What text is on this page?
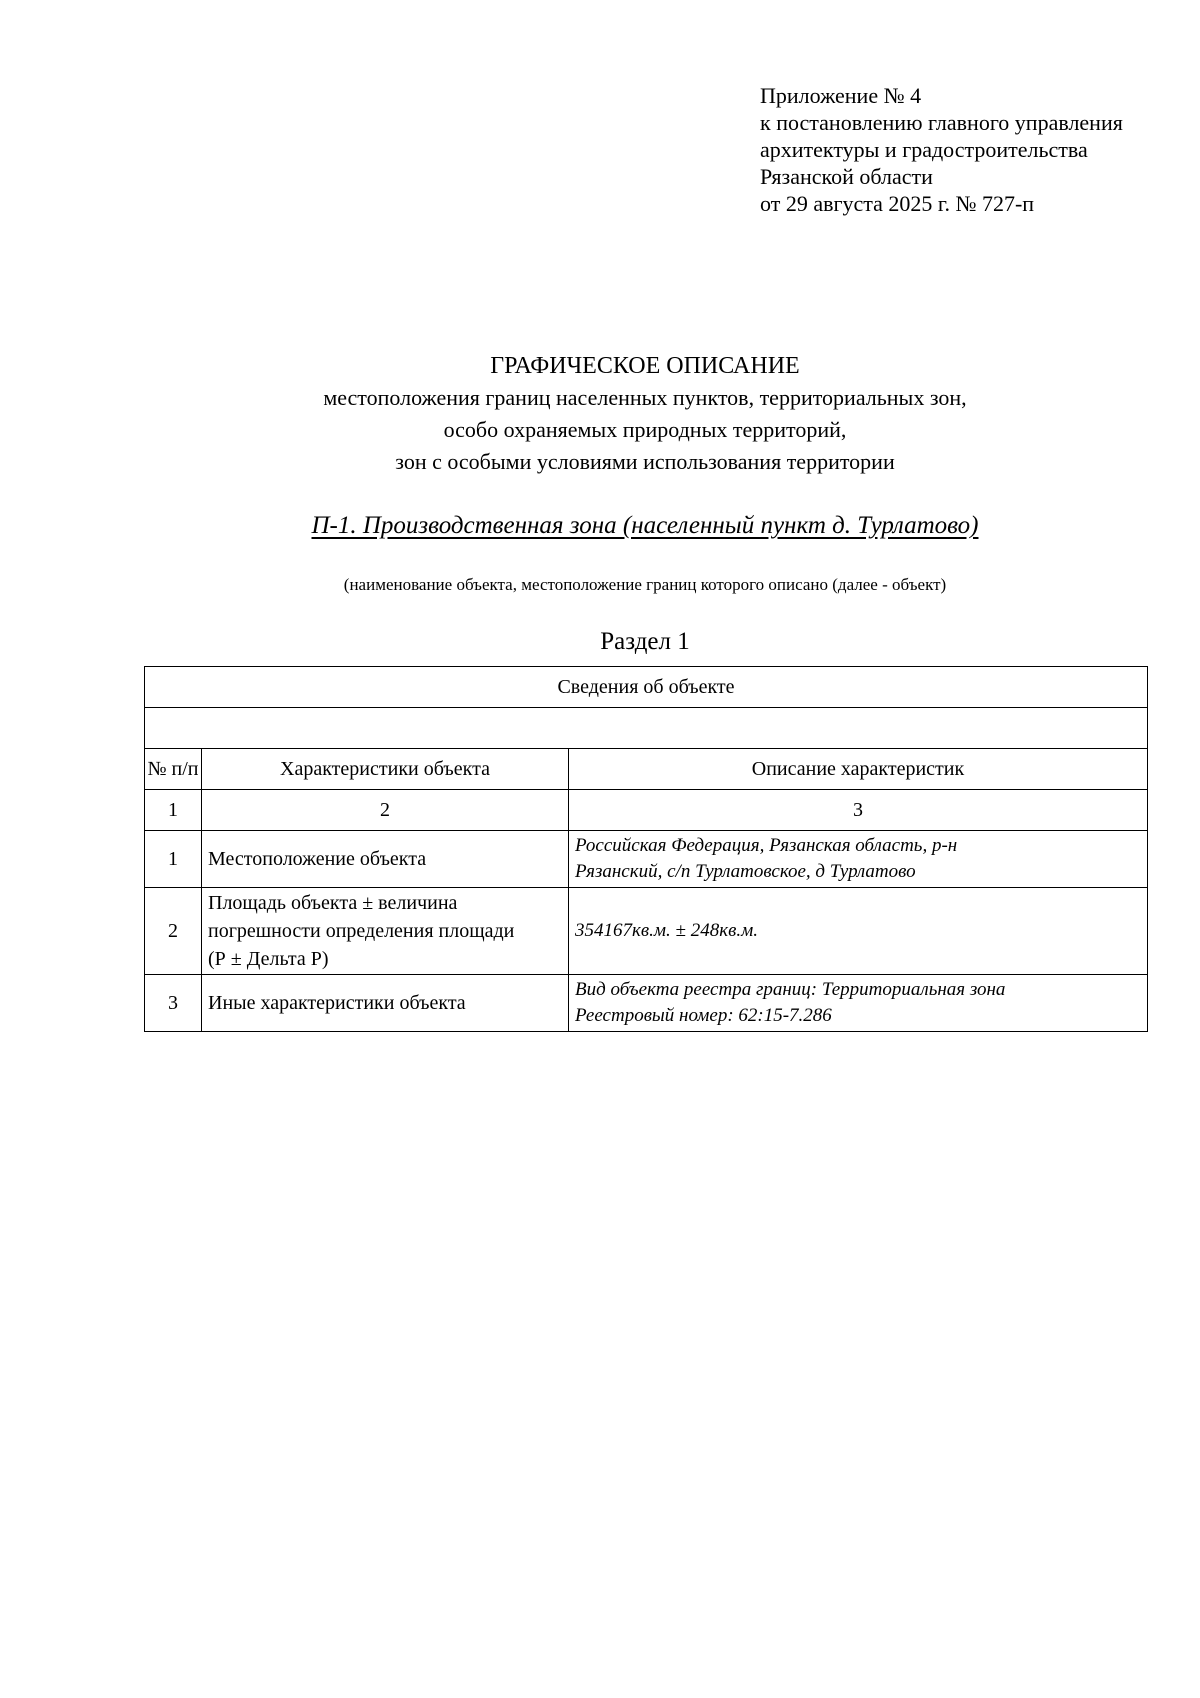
Приложение № 4
к постановлению главного управления
архитектуры и градостроительства
Рязанской области
от 29 августа 2025 г. № 727-п
ГРАФИЧЕСКОЕ ОПИСАНИЕ
местоположения границ населенных пунктов, территориальных зон,
особо охраняемых природных территорий,
зон с особыми условиями использования территории
П-1. Производственная зона (населенный пункт д. Турлатово)
(наименование объекта, местоположение границ которого описано (далее - объект)
Раздел 1
Сведения об объекте		

№ п/п	Характеристики объекта	Описание характеристик
1	2	3
1	Местоположение объекта	Российская Федерация, Рязанская область, р-н
Рязанский, с/п Турлатовское, д Турлатово

2	Площадь объекта ± величина
погрешности определения площади
(Р ± Дельта Р)	354167кв.м. ± 248кв.м.

3	Иные характеристики объекта	Вид объекта реестра границ: Территориальная зона
Реестровый номер: 62:15-7.286
